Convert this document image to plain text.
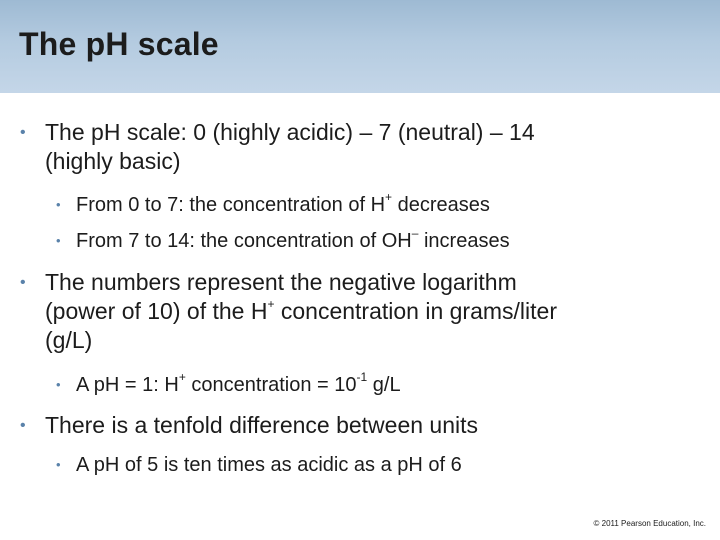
The pH scale
• The pH scale: 0 (highly acidic) – 7 (neutral) – 14
(highly basic)
• From 0 to 7: the concentration of H+ decreases
• From 7 to 14: the concentration of OH– increases
• The numbers represent the negative logarithm
(power of 10) of the H+ concentration in grams/liter
(g/L)
• A pH = 1: H+ concentration = $10^{-1}$ g/L
• There is a tenfold difference between units
• A pH of 5 is ten times as acidic as a pH of 6
© 2011 Pearson Education, Inc.
